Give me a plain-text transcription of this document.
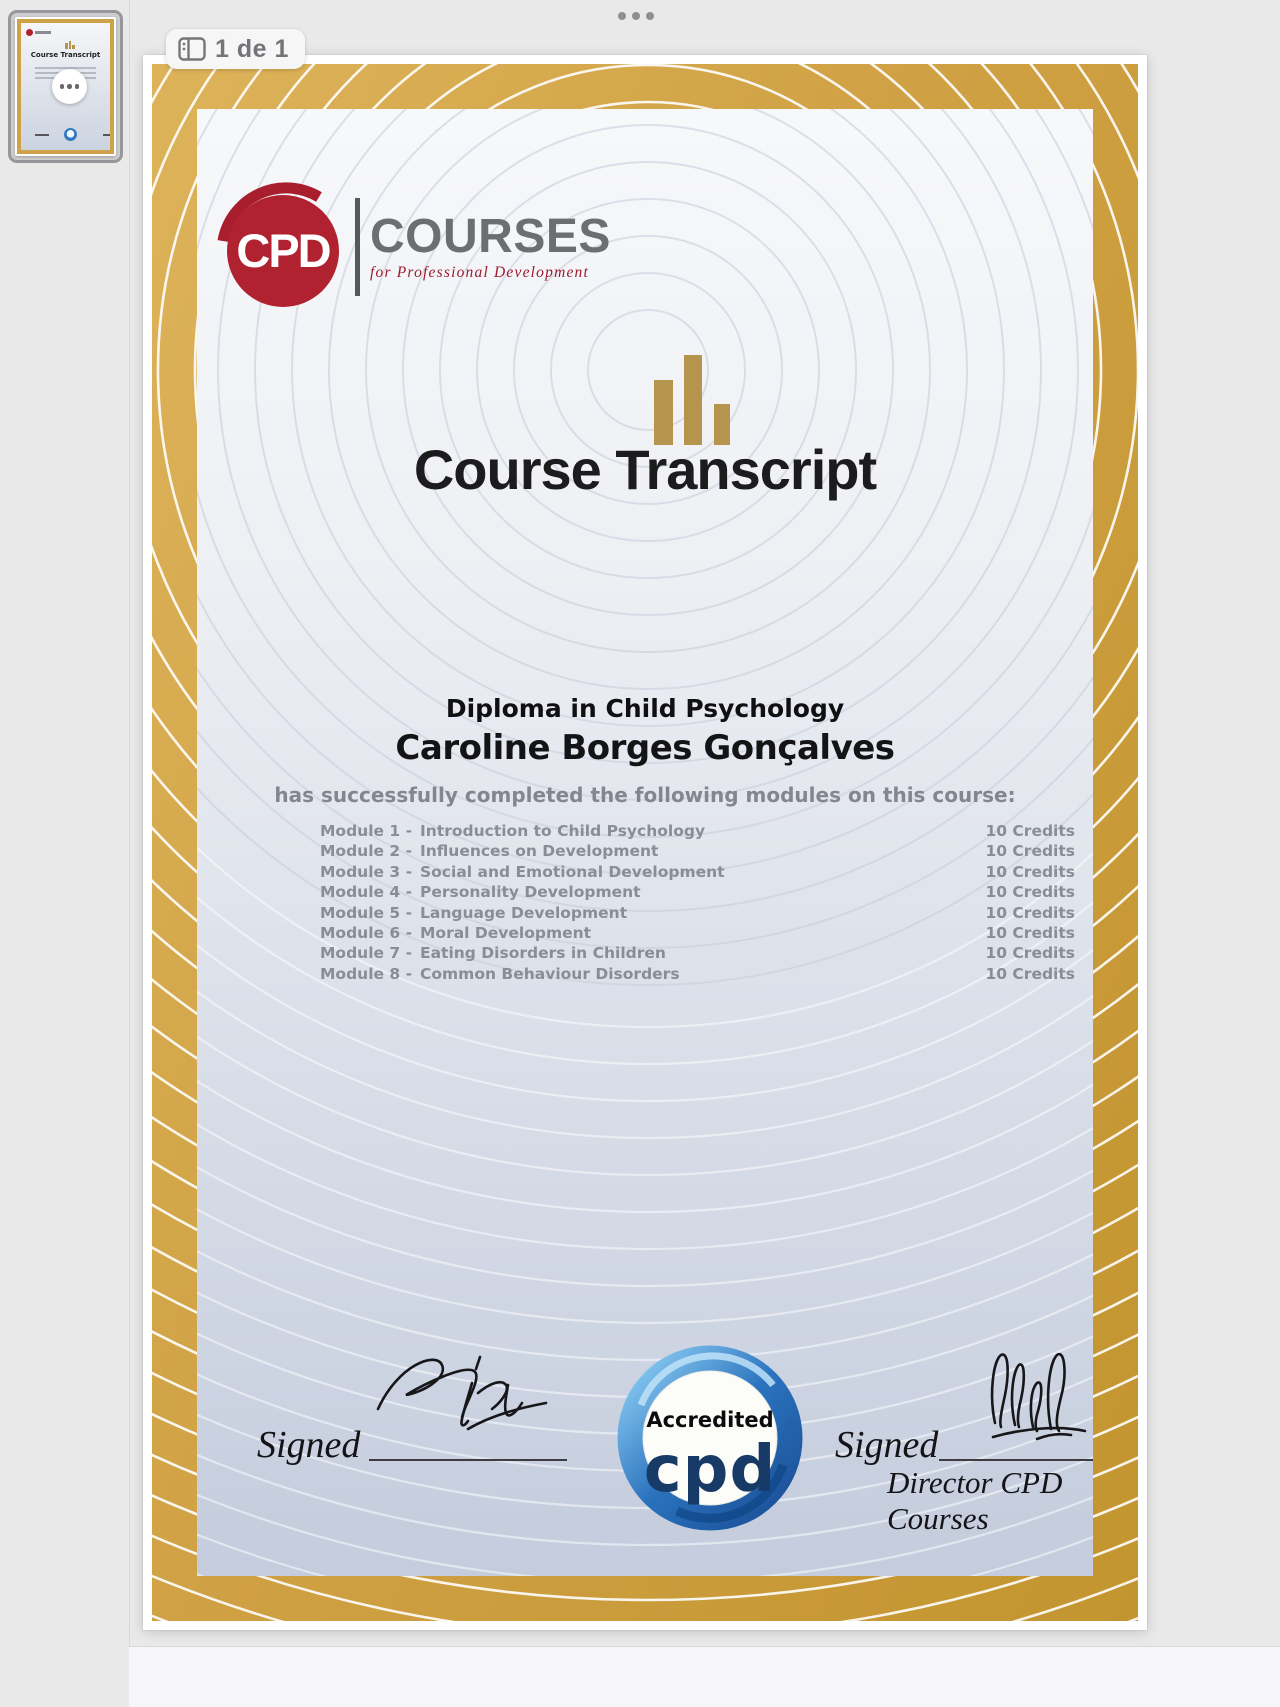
Course Transcript	1 de 1
CPD COURSES
for Professional Development
Course Transcript
Diploma in Child Psychology
Caroline Borges Gonçalves
has successfully completed the following modules on this course:
Module 1 - Introduction to Child Psychology	10 Credits
Module 2 - Influences on Development	10 Credits
Module 3 - Social and Emotional Development	10 Credits
Module 4 - Personality Development	10 Credits
Module 5 - Language Development	10 Credits
Module 6 - Moral Development	10 Credits
Module 7 - Eating Disorders in Children	10 Credits
Module 8 - Common Behaviour Disorders	10 Credits
Signed
Accredited
cpd Signed
Director CPD Courses
